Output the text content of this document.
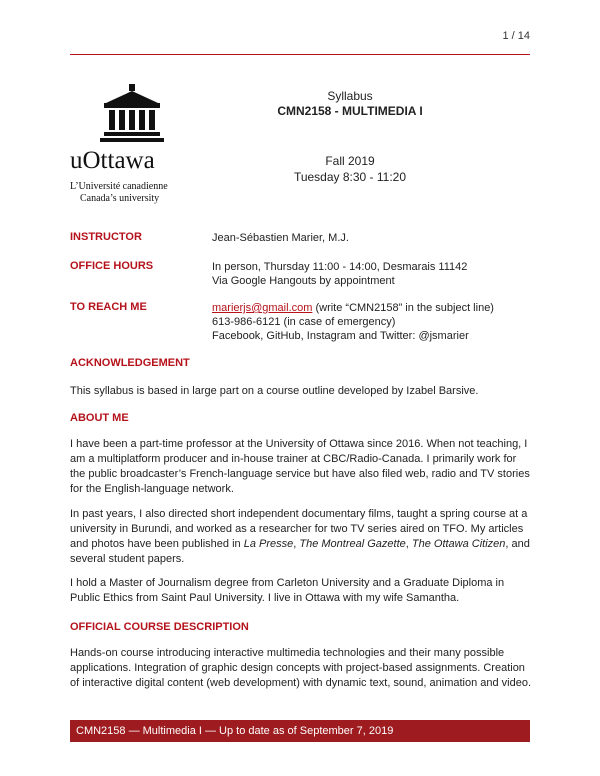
1 / 14
uOttawa
L’Université canadienne
Canada’s university
Syllabus
CMN2158 - MULTIMEDIA I
Fall 2019
Tuesday 8:30 - 11:20
INSTRUCTOR	Jean-Sébastien Marier, M.J.
OFFICE HOURS	In person, Thursday 11:00 - 14:00, Desmarais 11142
Via Google Hangouts by appointment
TO REACH ME	marierjs@gmail.com (write “CMN2158” in the subject line)
613-986-6121 (in case of emergency)
Facebook, GitHub, Instagram and Twitter: @jsmarier
ACKNOWLEDGEMENT
This syllabus is based in large part on a course outline developed by Izabel Barsive.
ABOUT ME
I have been a part-time professor at the University of Ottawa since 2016. When not teaching, I am a multiplatform producer and in-house trainer at CBC/Radio-Canada. I primarily work for the public broadcaster’s French-language service but have also filed web, radio and TV stories for the English-language network.
In past years, I also directed short independent documentary films, taught a spring course at a university in Burundi, and worked as a researcher for two TV series aired on TFO. My articles and photos have been published in La Presse, The Montreal Gazette, The Ottawa Citizen, and several student papers.
I hold a Master of Journalism degree from Carleton University and a Graduate Diploma in Public Ethics from Saint Paul University. I live in Ottawa with my wife Samantha.
OFFICIAL COURSE DESCRIPTION
Hands-on course introducing interactive multimedia technologies and their many possible applications. Integration of graphic design concepts with project-based assignments. Creation of interactive digital content (web development) with dynamic text, sound, animation and video.
CMN2158 — Multimedia I — Up to date as of September 7, 2019
